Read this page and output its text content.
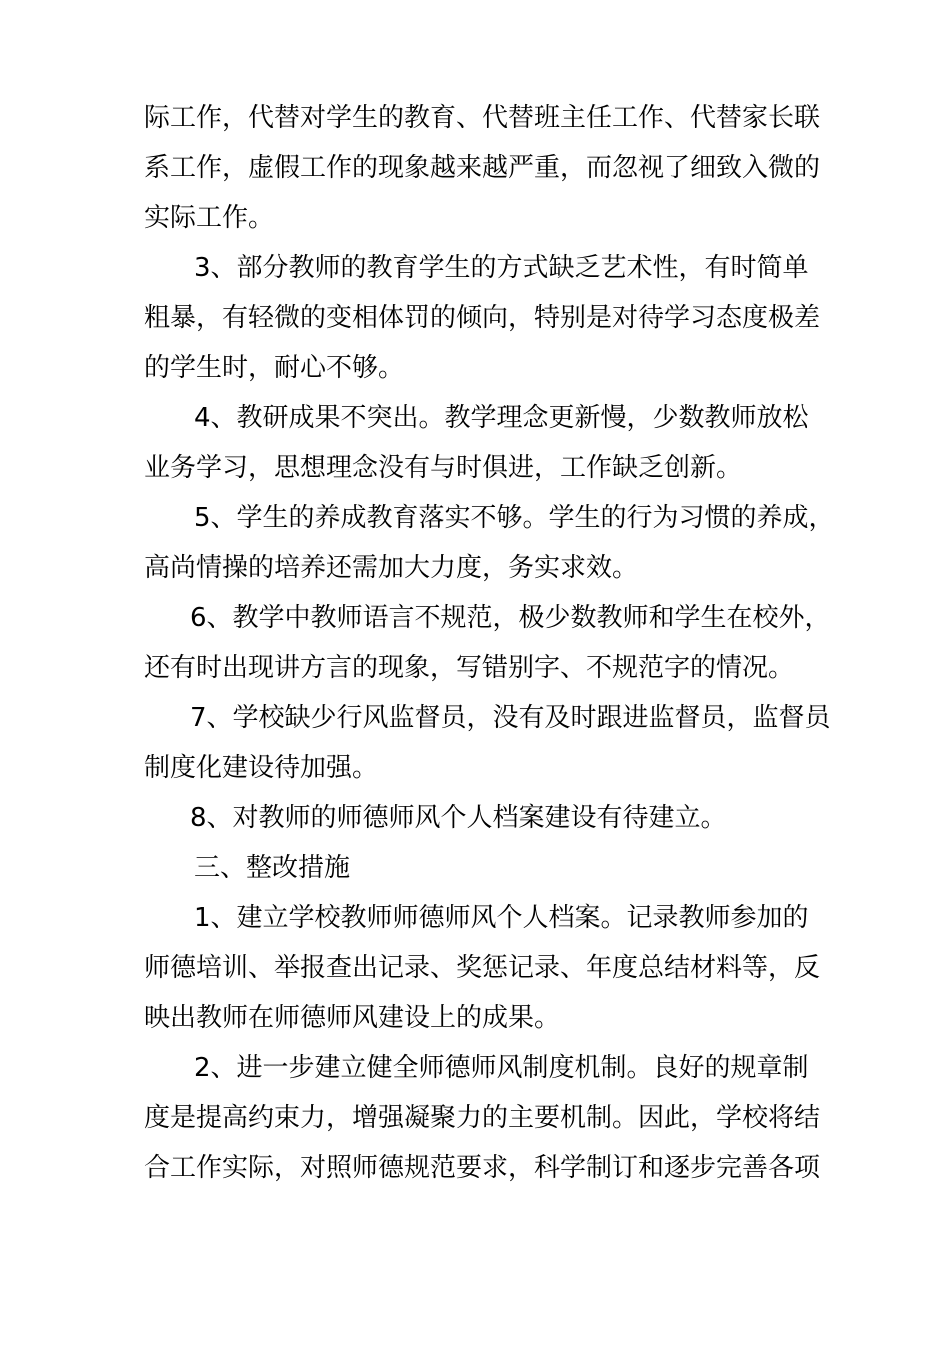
际工作，代替对学生的教育、代替班主任工作、代替家长联
系工作，虚假工作的现象越来越严重，而忽视了细致入微的
实际工作。
3、部分教师的教育学生的方式缺乏艺术性，有时简单
粗暴，有轻微的变相体罚的倾向，特别是对待学习态度极差
的学生时，耐心不够。
4、教研成果不突出。教学理念更新慢，少数教师放松
业务学习，思想理念没有与时俱进，工作缺乏创新。
5、学生的养成教育落实不够。学生的行为习惯的养成，
高尚情操的培养还需加大力度，务实求效。
6、教学中教师语言不规范，极少数教师和学生在校外，
还有时出现讲方言的现象，写错别字、不规范字的情况。
7、学校缺少行风监督员，没有及时跟进监督员，监督员
制度化建设待加强。
8、对教师的师德师风个人档案建设有待建立。
三、整改措施
1、建立学校教师师德师风个人档案。记录教师参加的
师德培训、举报查出记录、奖惩记录、年度总结材料等，反
映出教师在师德师风建设上的成果。
2、进一步建立健全师德师风制度机制。良好的规章制
度是提高约束力，增强凝聚力的主要机制。因此，学校将结
合工作实际，对照师德规范要求，科学制订和逐步完善各项
